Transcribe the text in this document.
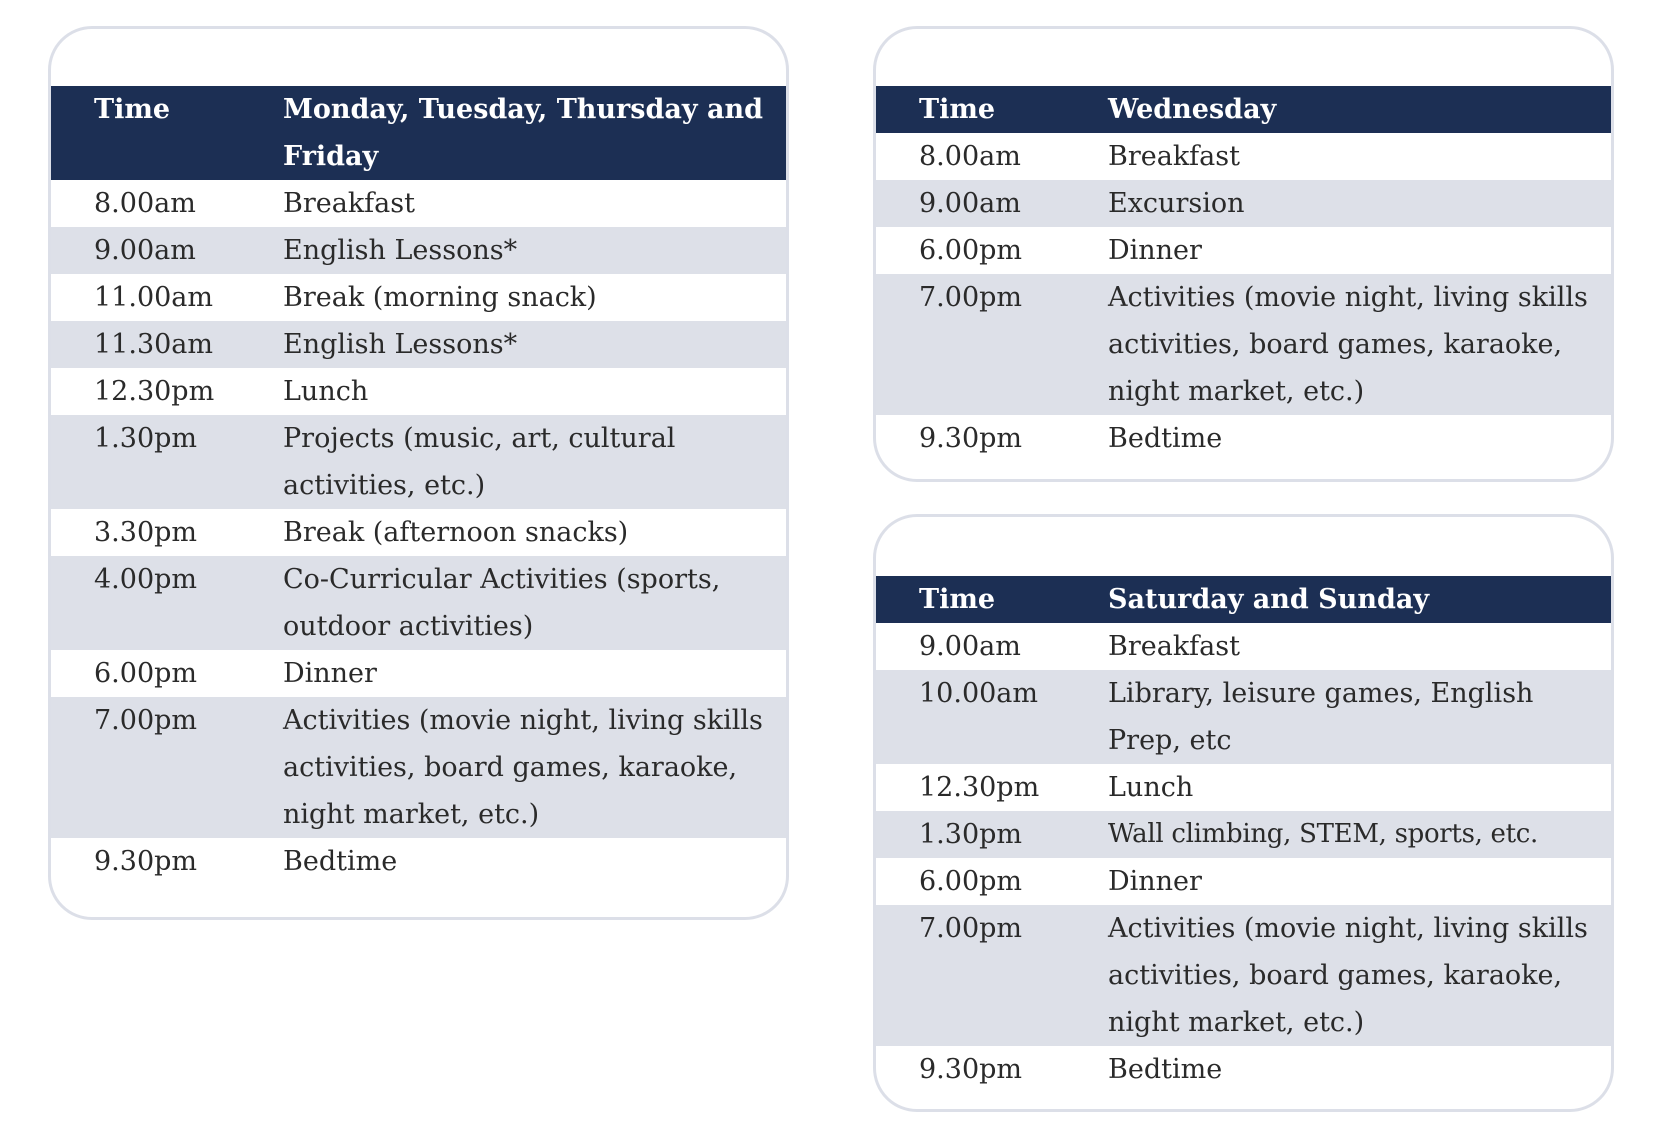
Time	Monday, Tuesday, Thursday and Friday
8.00am	Breakfast
9.00am	English Lessons*
11.00am	Break (morning snack)
11.30am	English Lessons*
12.30pm	Lunch
1.30pm	Projects (music, art, cultural activities, etc.)
3.30pm	Break (afternoon snacks)
4.00pm	Co-Curricular Activities (sports, outdoor activities)
6.00pm	Dinner
7.00pm	Activities (movie night, living skills activities, board games, karaoke, night market, etc.)
9.30pm	Bedtime
Time	Wednesday
8.00am	Breakfast
9.00am	Excursion
6.00pm	Dinner
7.00pm	Activities (movie night, living skills activities, board games, karaoke, night market, etc.)
9.30pm	Bedtime
Time	Saturday and Sunday
9.00am	Breakfast
10.00am	Library, leisure games, English Prep, etc
12.30pm	Lunch
1.30pm	Wall climbing, STEM, sports, etc.
6.00pm	Dinner
7.00pm	Activities (movie night, living skills activities, board games, karaoke, night market, etc.)
9.30pm	Bedtime
